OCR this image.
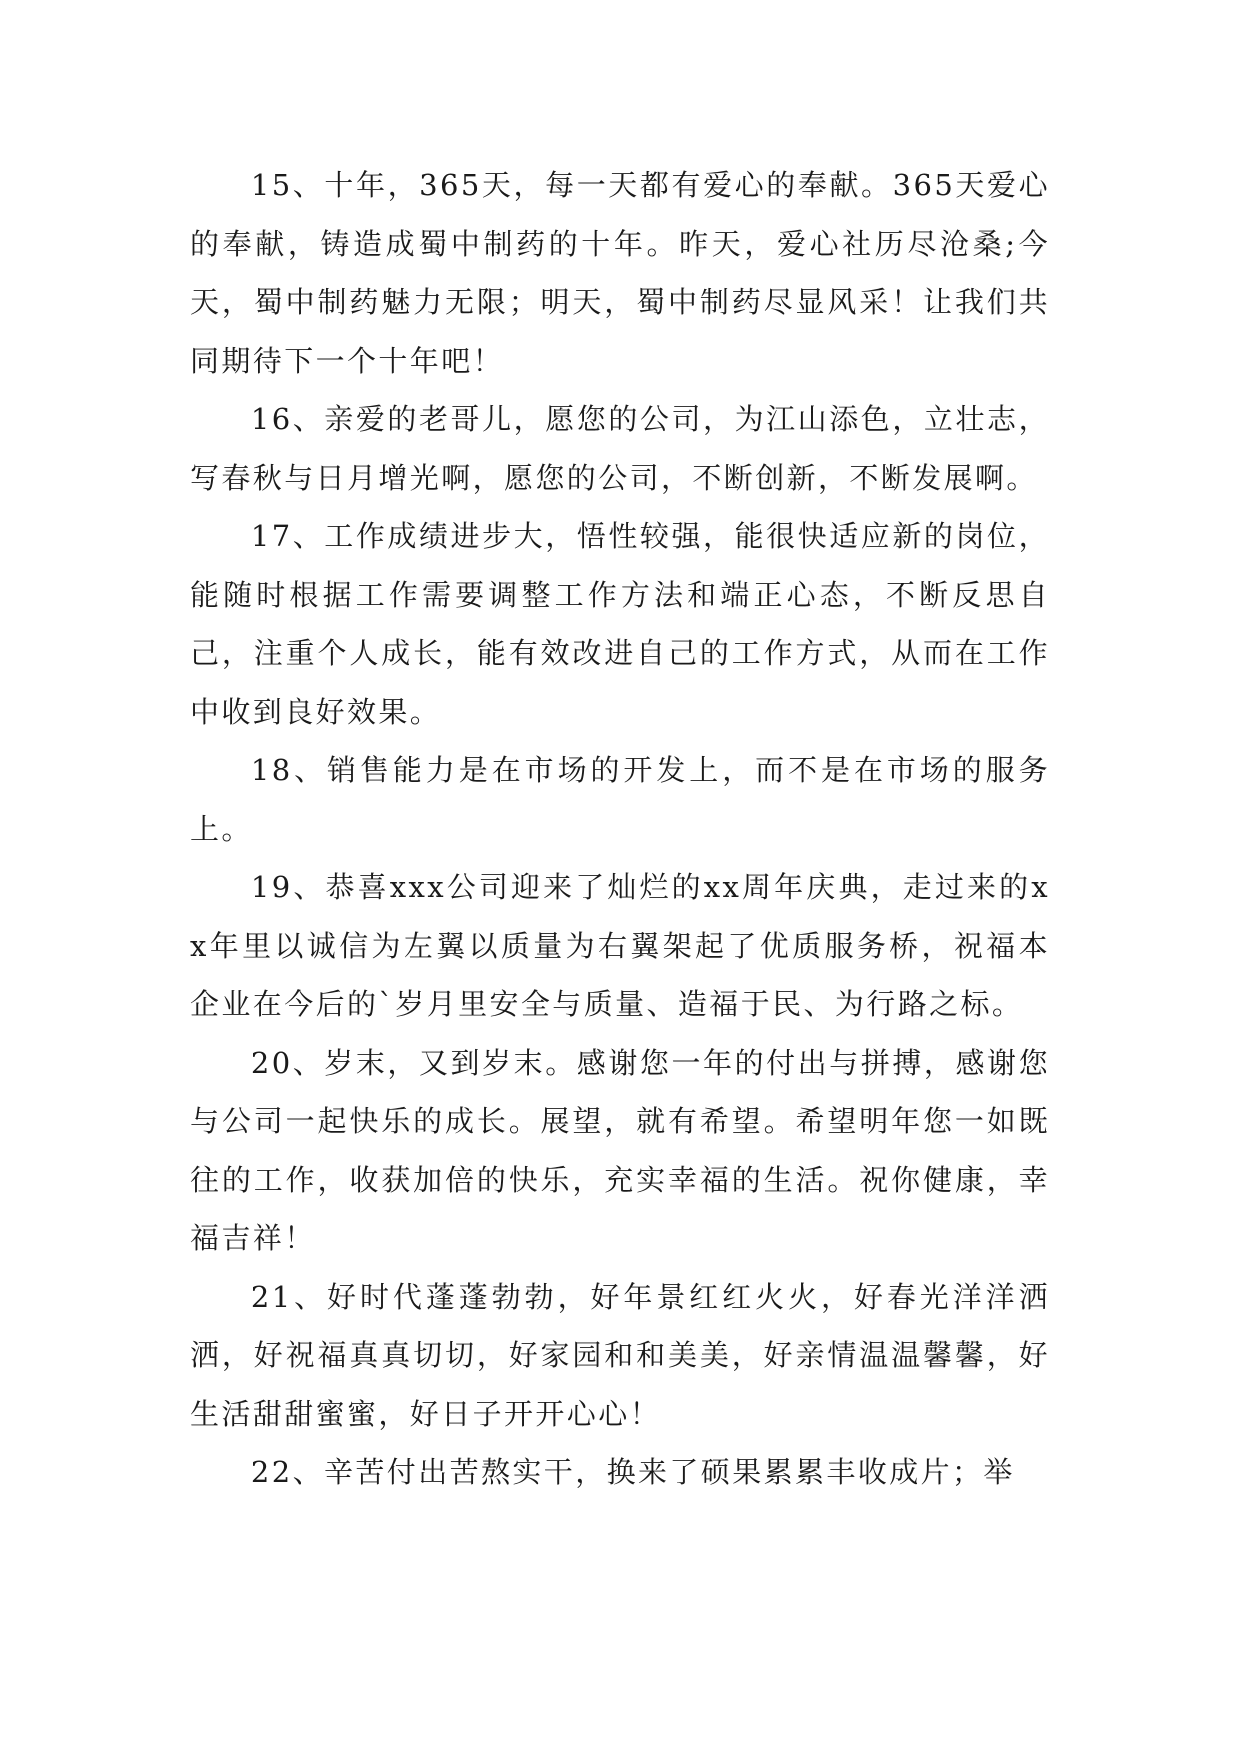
15、十年，365天，每一天都有爱心的奉献。365天爱心的奉献，铸造成蜀中制药的十年。昨天，爱心社历尽沧桑;今天，蜀中制药魅力无限；明天，蜀中制药尽显风采！让我们共同期待下一个十年吧！

16、亲爱的老哥儿，愿您的公司，为江山添色，立壮志，写春秋与日月增光啊，愿您的公司，不断创新，不断发展啊。

17、工作成绩进步大，悟性较强，能很快适应新的岗位，能随时根据工作需要调整工作方法和端正心态，不断反思自己，注重个人成长，能有效改进自己的工作方式，从而在工作中收到良好效果。

18、销售能力是在市场的开发上，而不是在市场的服务上。

19、恭喜xxx公司迎来了灿烂的xx周年庆典，走过来的xx年里以诚信为左翼以质量为右翼架起了优质服务桥，祝福本企业在今后的`岁月里安全与质量、造福于民、为行路之标。

20、岁末，又到岁末。感谢您一年的付出与拼搏，感谢您与公司一起快乐的成长。展望，就有希望。希望明年您一如既往的工作，收获加倍的快乐，充实幸福的生活。祝你健康，幸福吉祥！

21、好时代蓬蓬勃勃，好年景红红火火，好春光洋洋洒洒，好祝福真真切切，好家园和和美美，好亲情温温馨馨，好生活甜甜蜜蜜，好日子开开心心！

22、辛苦付出苦熬实干，换来了硕果累累丰收成片；举
